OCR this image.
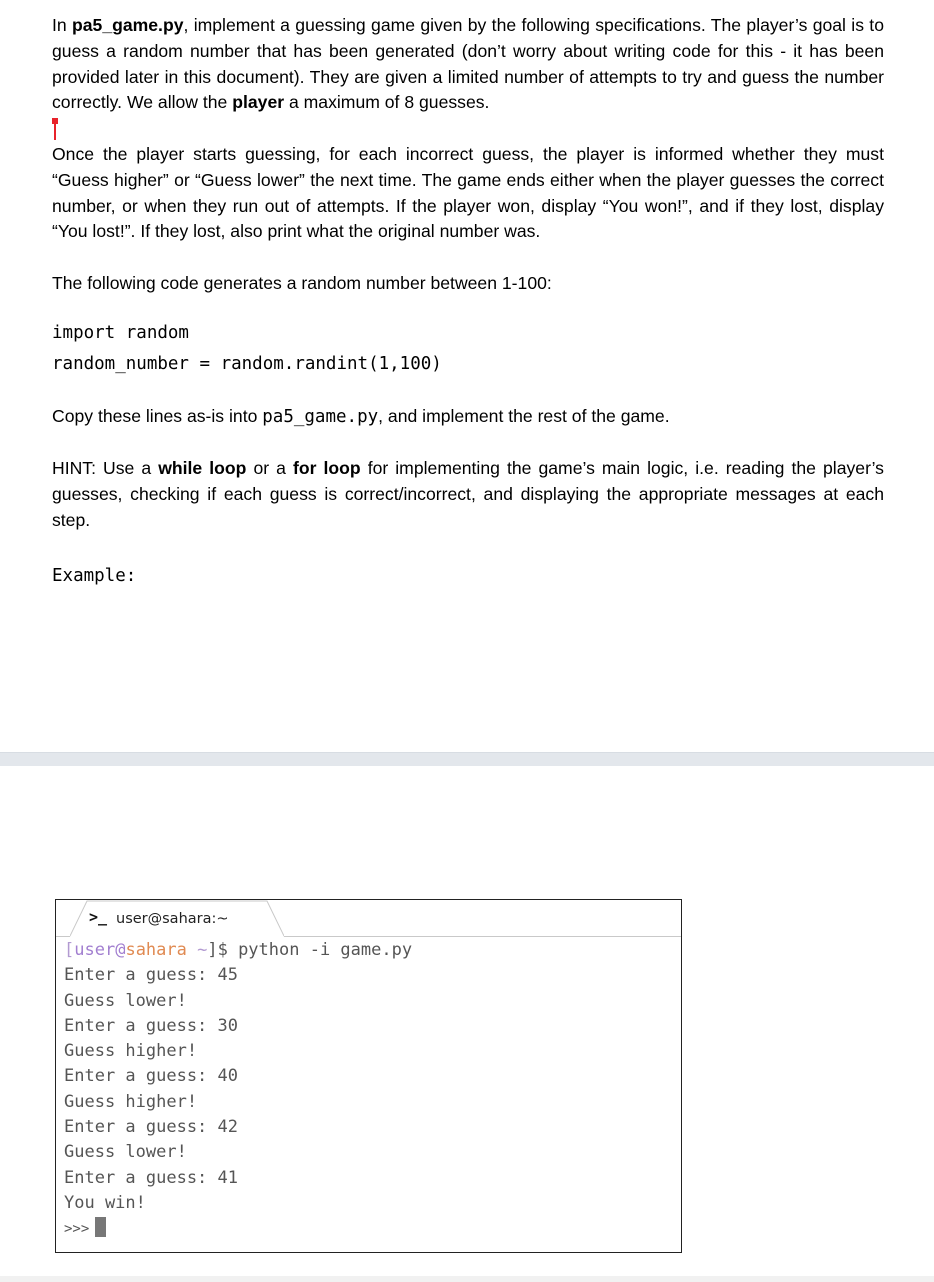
In pa5_game.py, implement a guessing game given by the following specifications. The player’s goal is to guess a random number that has been generated (don’t worry about writing code for this - it has been provided later in this document). They are given a limited number of attempts to try and guess the number correctly. We allow the player a maximum of 8 guesses.

Once the player starts guessing, for each incorrect guess, the player is informed whether they must “Guess higher” or “Guess lower” the next time. The game ends either when the player guesses the correct number, or when they run out of attempts. If the player won, display “You won!”, and if they lost, display “You lost!”. If they lost, also print what the original number was.

The following code generates a random number between 1-100:

import random
random_number = random.randint(1,100)

Copy these lines as-is into pa5_game.py, and implement the rest of the game.

HINT: Use a while loop or a for loop for implementing the game’s main logic, i.e. reading the player’s guesses, checking if each guess is correct/incorrect, and displaying the appropriate messages at each step.

Example:

>_ user@sahara:~
[user@sahara ~]$ python -i game.py
Enter a guess: 45
Guess lower!
Enter a guess: 30
Guess higher!
Enter a guess: 40
Guess higher!
Enter a guess: 42
Guess lower!
Enter a guess: 41
You win!
>>>
